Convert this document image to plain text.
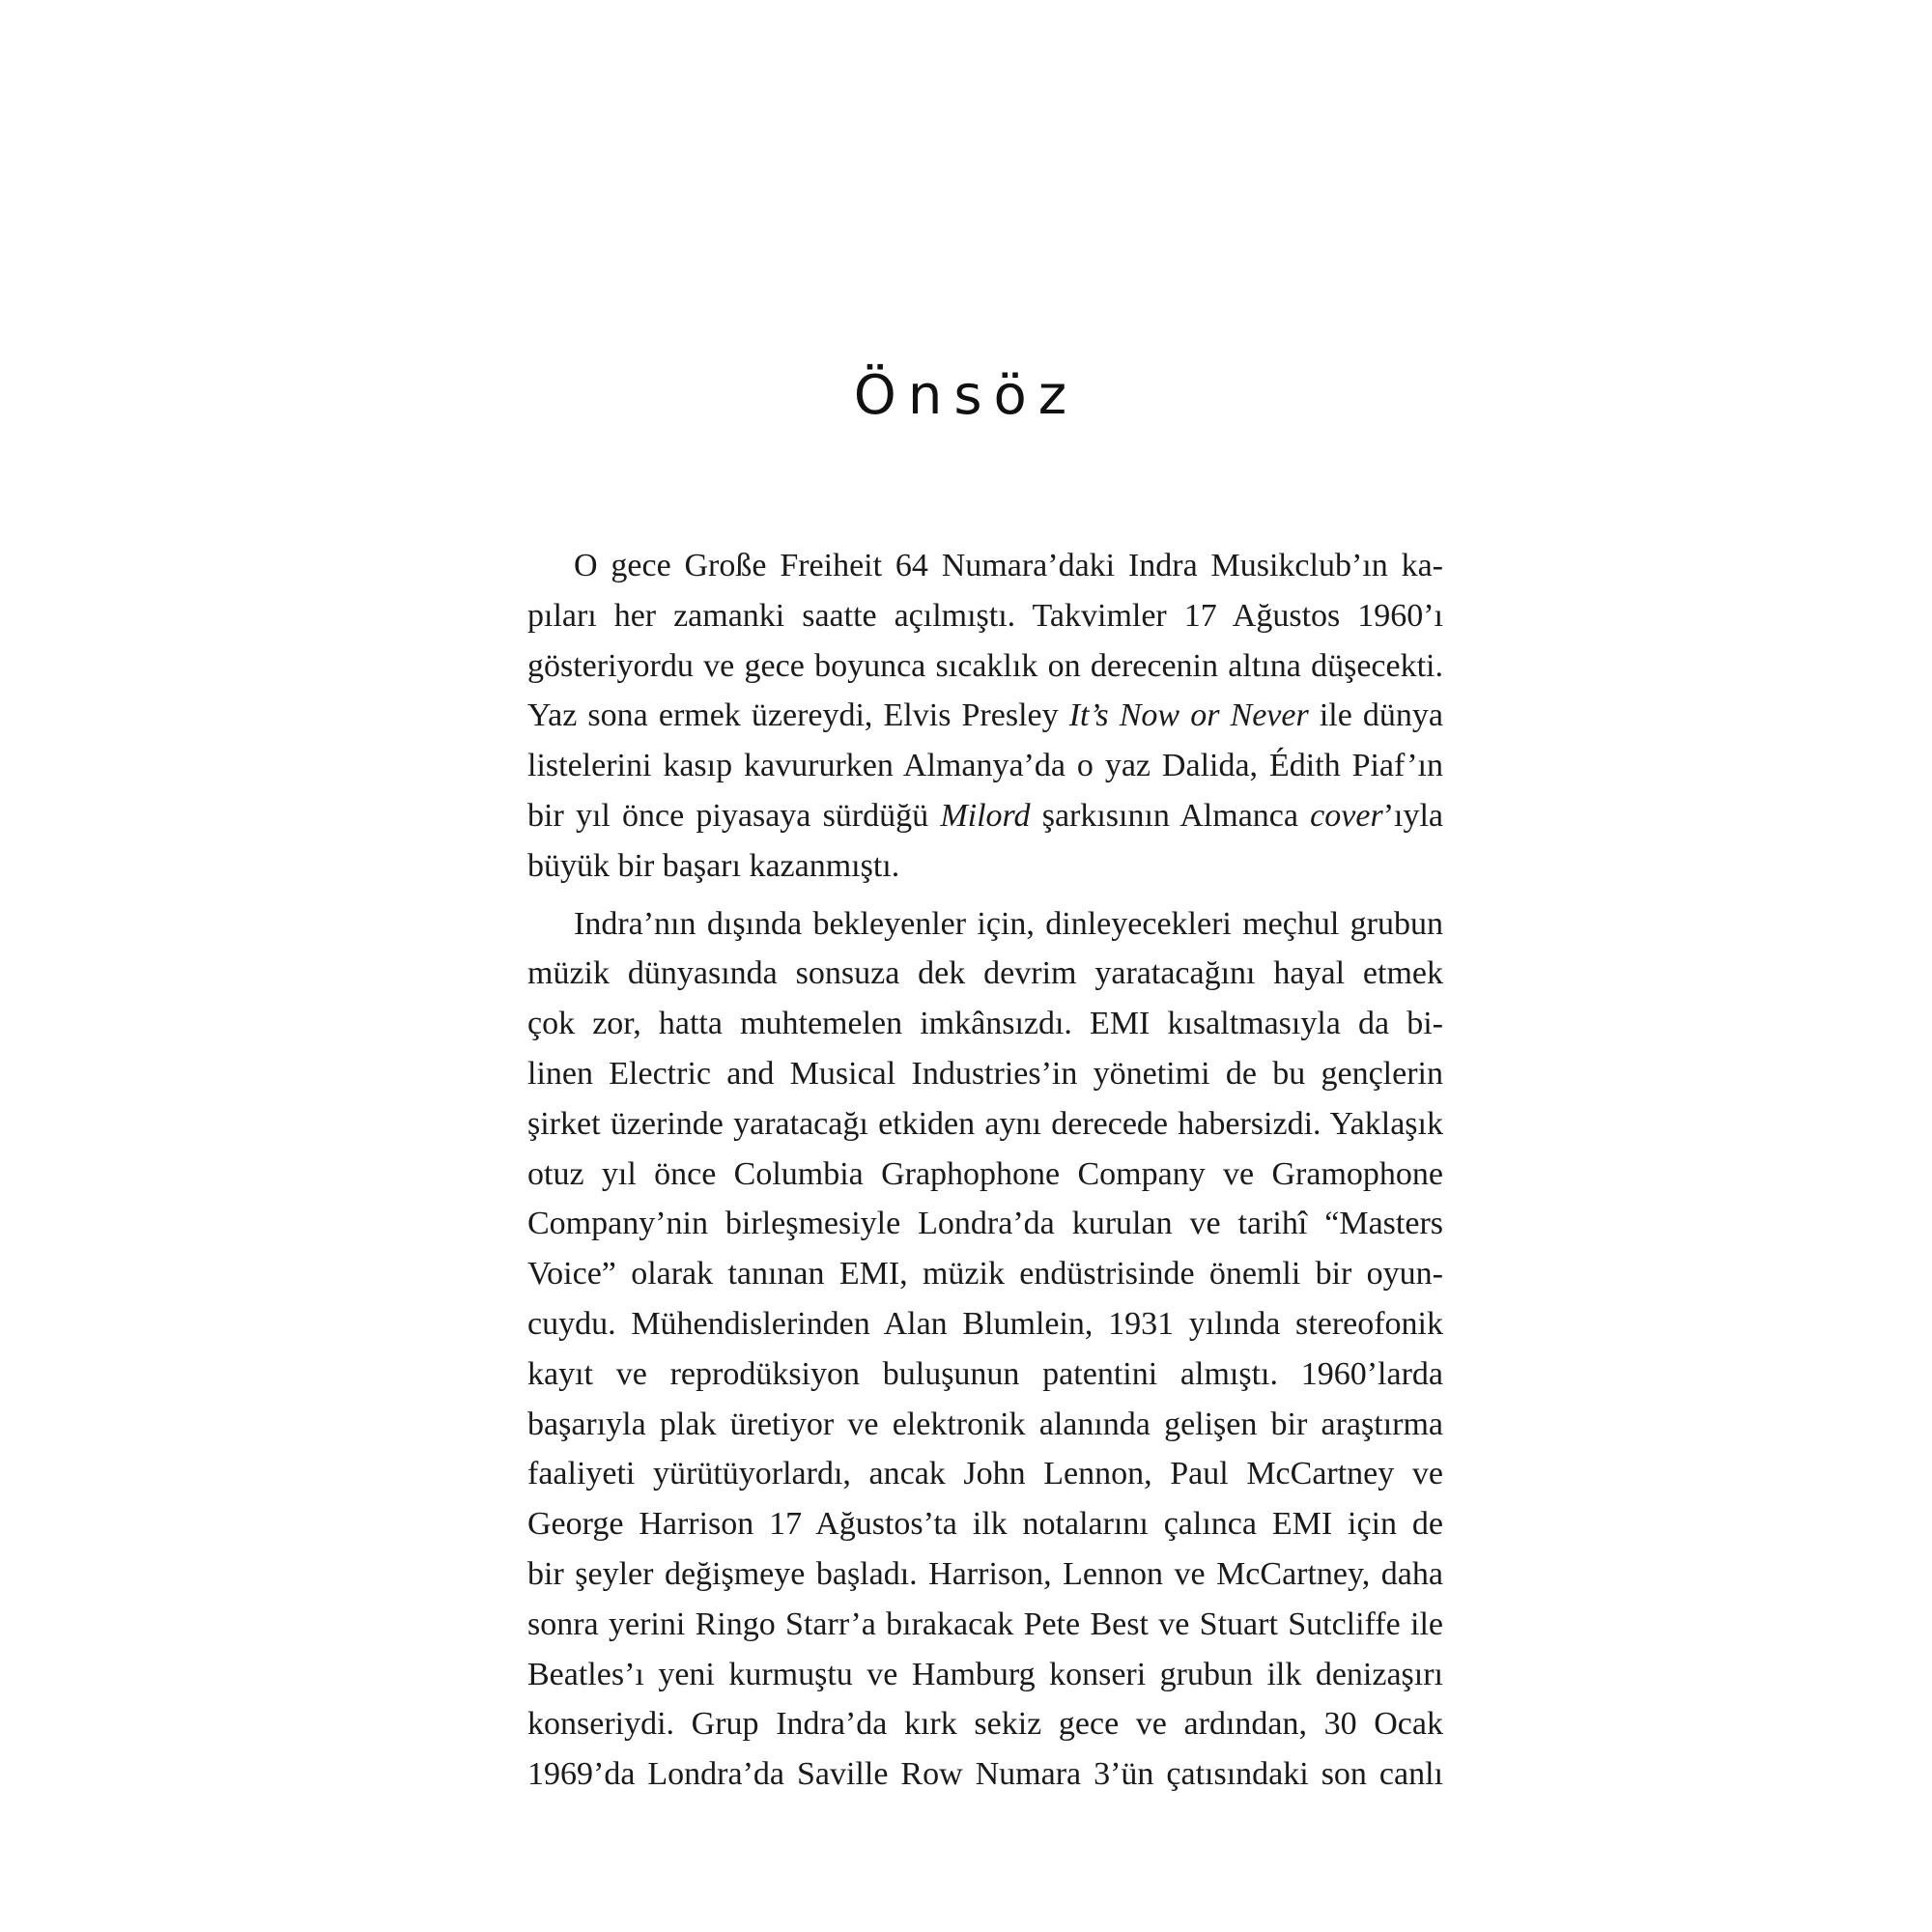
Önsöz
O gece Große Freiheit 64 Numara’daki Indra Musikclub’ın ka-
pıları her zamanki saatte açılmıştı. Takvimler 17 Ağustos 1960’ı
gösteriyordu ve gece boyunca sıcaklık on derecenin altına düşecekti.
Yaz sona ermek üzereydi, Elvis Presley It’s Now or Never ile dünya
listelerini kasıp kavururken Almanya’da o yaz Dalida, Édith Piaf’ın
bir yıl önce piyasaya sürdüğü Milord şarkısının Almanca cover’ıyla
büyük bir başarı kazanmıştı.
Indra’nın dışında bekleyenler için, dinleyecekleri meçhul grubun
müzik dünyasında sonsuza dek devrim yaratacağını hayal etmek
çok zor, hatta muhtemelen imkânsızdı. EMI kısaltmasıyla da bi-
linen Electric and Musical Industries’in yönetimi de bu gençlerin
şirket üzerinde yaratacağı etkiden aynı derecede habersizdi. Yaklaşık
otuz yıl önce Columbia Graphophone Company ve Gramophone
Company’nin birleşmesiyle Londra’da kurulan ve tarihî “Masters
Voice” olarak tanınan EMI, müzik endüstrisinde önemli bir oyun-
cuydu. Mühendislerinden Alan Blumlein, 1931 yılında stereofonik
kayıt ve reprodüksiyon buluşunun patentini almıştı. 1960’larda
başarıyla plak üretiyor ve elektronik alanında gelişen bir araştırma
faaliyeti yürütüyorlardı, ancak John Lennon, Paul McCartney ve
George Harrison 17 Ağustos’ta ilk notalarını çalınca EMI için de
bir şeyler değişmeye başladı. Harrison, Lennon ve McCartney, daha
sonra yerini Ringo Starr’a bırakacak Pete Best ve Stuart Sutcliffe ile
Beatles’ı yeni kurmuştu ve Hamburg konseri grubun ilk denizaşırı
konseriydi. Grup Indra’da kırk sekiz gece ve ardından, 30 Ocak
1969’da Londra’da Saville Row Numara 3’ün çatısındaki son canlı
